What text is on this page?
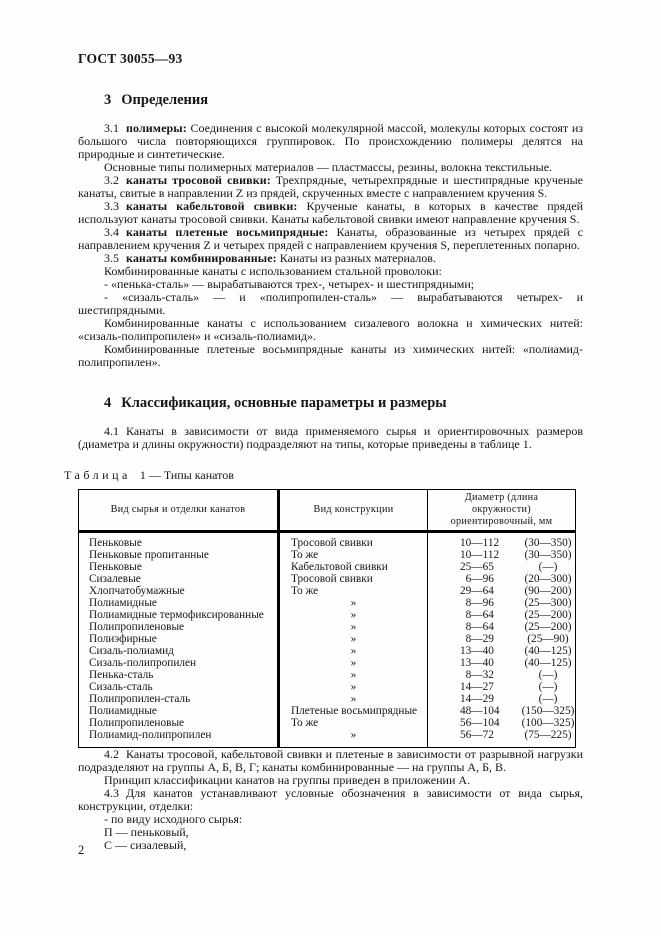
ГОСТ 30055—93
3 Определения

3.1 полимеры: Соединения с высокой молекулярной массой, молекулы которых состоят из большого числа повторяющихся группировок. По происхождению полимеры делятся на природные и синтетические.

Основные типы полимерных материалов — пластмассы, резины, волокна текстильные.

3.2 канаты тросовой свивки: Трехпрядные, четырехпрядные и шестипрядные крученые канаты, свитые в направлении Z из прядей, скрученных вместе с направлением кручения S.

3.3 канаты кабельтовой свивки: Крученые канаты, в которых в качестве прядей используют канаты тросовой свивки. Канаты кабельтовой свивки имеют направление кручения S.

3.4 канаты плетеные восьмипрядные: Канаты, образованные из четырех прядей с направлением кручения Z и четырех прядей с направлением кручения S, переплетенных попарно.

3.5 канаты комбинированные: Канаты из разных материалов.

Комбинированные канаты с использованием стальной проволоки:

- «пенька-сталь» — вырабатываются трех-, четырех- и шестипрядными;

- «сизаль-сталь» — и «полипропилен-сталь» — вырабатываются четырех- и шестипрядными.

Комбинированные канаты с использованием сизалевого волокна и химических нитей: «сизаль-полипропилен» и «сизаль-полиамид».

Комбинированные плетеные восьмипрядные канаты из химических нитей: «полиамид-полипропилен».

4 Классификация, основные параметры и размеры

4.1 Канаты в зависимости от вида применяемого сырья и ориентировочных размеров (диаметра и длины окружности) подразделяют на типы, которые приведены в таблице 1.

Таблица 1 — Типы канатов
Вид сырья и отделки канатов	Вид конструкции	Диаметр (длина окружности) ориентировочный, мм
Пеньковые	Тросовой свивки	10—112 (30—350)
Пеньковые пропитанные	То же	10—112 (30—350)
Пеньковые	Кабельтовой свивки	25—65 (—)
Сизалевые	Тросовой свивки	 6—96 (20—300)
Хлопчатобумажные	То же	29—64 (90—200)
Полиамидные	»	 8—96 (25—300)
Полиамидные термофиксированные	»	 8—64 (25—200)
Полипропиленовые	»	 8—64 (25—200)
Полиэфирные	»	 8—29 (25—90)
Сизаль-полиамид	»	13—40 (40—125)
Сизаль-полипропилен	»	13—40 (40—125)
Пенька-сталь	»	 8—32 (—)
Сизаль-сталь	»	14—27 (—)
Полипропилен-сталь	»	14—29 (—)
Полиамидные	Плетеные восьмипрядные	48—104 (150—325)
Полипропиленовые	То же	56—104 (100—325)
Полиамид-полипропилен	»	56—72 (75—225)

4.2 Канаты тросовой, кабельтовой свивки и плетеные в зависимости от разрывной нагрузки подразделяют на группы А, Б, В, Г; канаты комбинированные — на группы А, Б, В.

Принцип классификации канатов на группы приведен в приложении А.

4.3 Для канатов устанавливают условные обозначения в зависимости от вида сырья, конструкции, отделки:

- по виду исходного сырья:

П — пеньковый,

С — сизалевый,

2
